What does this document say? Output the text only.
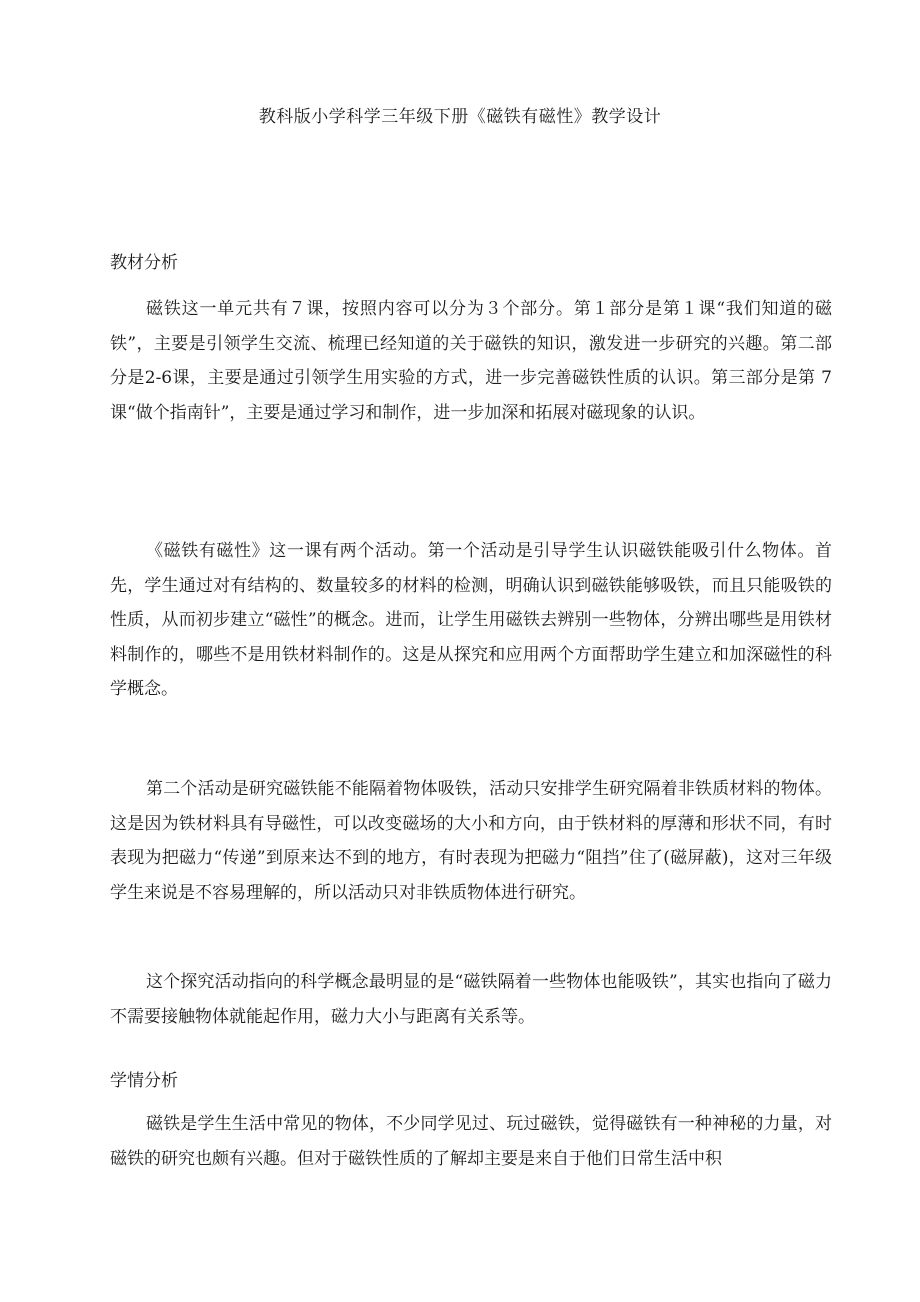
教科版小学科学三年级下册《磁铁有磁性》教学设计
教材分析

磁铁这一单元共有７课，按照内容可以分为３个部分。第１部分是第１课“我们知道的磁铁”，主要是引领学生交流、梳理已经知道的关于磁铁的知识，激发进一步研究的兴趣。第二部分是2-6课，主要是通过引领学生用实验的方式，进一步完善磁铁性质的认识。第三部分是第 7 课“做个指南针”，主要是通过学习和制作，进一步加深和拓展对磁现象的认识。

《磁铁有磁性》这一课有两个活动。第一个活动是引导学生认识磁铁能吸引什么物体。首先，学生通过对有结构的、数量较多的材料的检测，明确认识到磁铁能够吸铁，而且只能吸铁的性质，从而初步建立“磁性”的概念。进而，让学生用磁铁去辨别一些物体，分辨出哪些是用铁材料制作的，哪些不是用铁材料制作的。这是从探究和应用两个方面帮助学生建立和加深磁性的科学概念。

第二个活动是研究磁铁能不能隔着物体吸铁，活动只安排学生研究隔着非铁质材料的物体。这是因为铁材料具有导磁性，可以改变磁场的大小和方向，由于铁材料的厚薄和形状不同，有时表现为把磁力“传递”到原来达不到的地方，有时表现为把磁力“阻挡”住了(磁屏蔽)，这对三年级学生来说是不容易理解的，所以活动只对非铁质物体进行研究。

这个探究活动指向的科学概念最明显的是“磁铁隔着一些物体也能吸铁”，其实也指向了磁力不需要接触物体就能起作用，磁力大小与距离有关系等。

学情分析

磁铁是学生生活中常见的物体，不少同学见过、玩过磁铁，觉得磁铁有一种神秘的力量，对磁铁的研究也颇有兴趣。但对于磁铁性质的了解却主要是来自于他们日常生活中积
